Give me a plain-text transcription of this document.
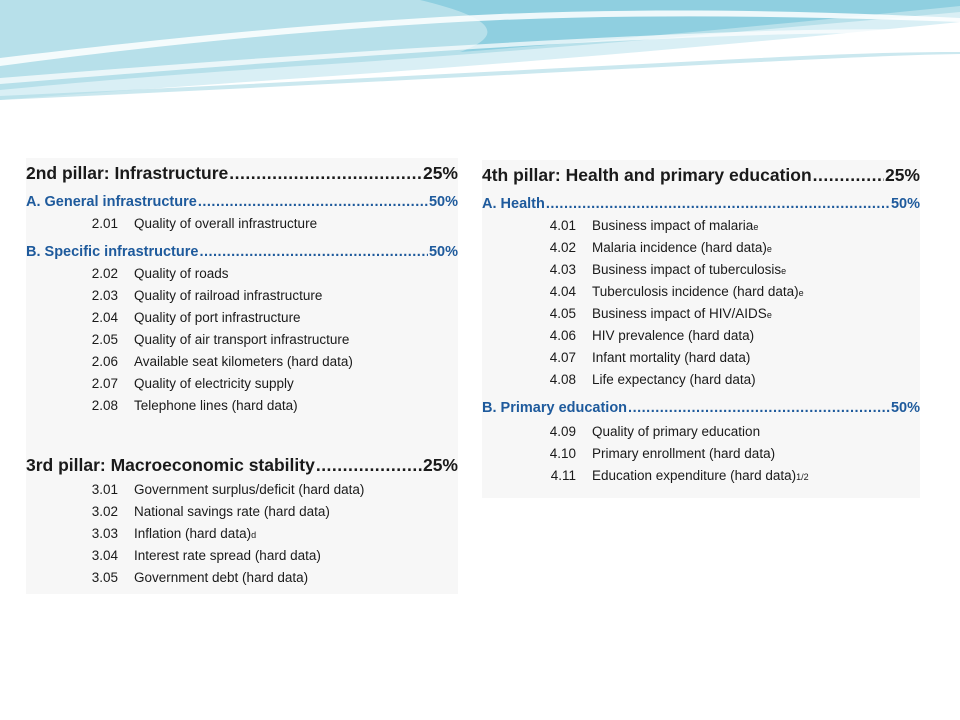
2nd pillar: Infrastructure .....	25%
A. General infrastructure .....	50%
2.01 Quality of overall infrastructure
B. Specific infrastructure .....	50%
2.02 Quality of roads
2.03 Quality of railroad infrastructure
2.04 Quality of port infrastructure
2.05 Quality of air transport infrastructure
2.06 Available seat kilometers (hard data)
2.07 Quality of electricity supply
2.08 Telephone lines (hard data)
3rd pillar: Macroeconomic stability .....	25%
3.01 Government surplus/deficit (hard data)
3.02 National savings rate (hard data)
3.03 Inflation (hard data) d
3.04 Interest rate spread (hard data)
3.05 Government debt (hard data)
4th pillar: Health and primary education .....	25%
A. Health .....	50%
4.01 Business impact of malaria e
4.02 Malaria incidence (hard data) e
4.03 Business impact of tuberculosis e
4.04 Tuberculosis incidence (hard data) e
4.05 Business impact of HIV/AIDS e
4.06 HIV prevalence (hard data)
4.07 Infant mortality (hard data)
4.08 Life expectancy (hard data)
B. Primary education .....	50%
4.09 Quality of primary education
4.10 Primary enrollment (hard data)
4.11 Education expenditure (hard data) 1/2
